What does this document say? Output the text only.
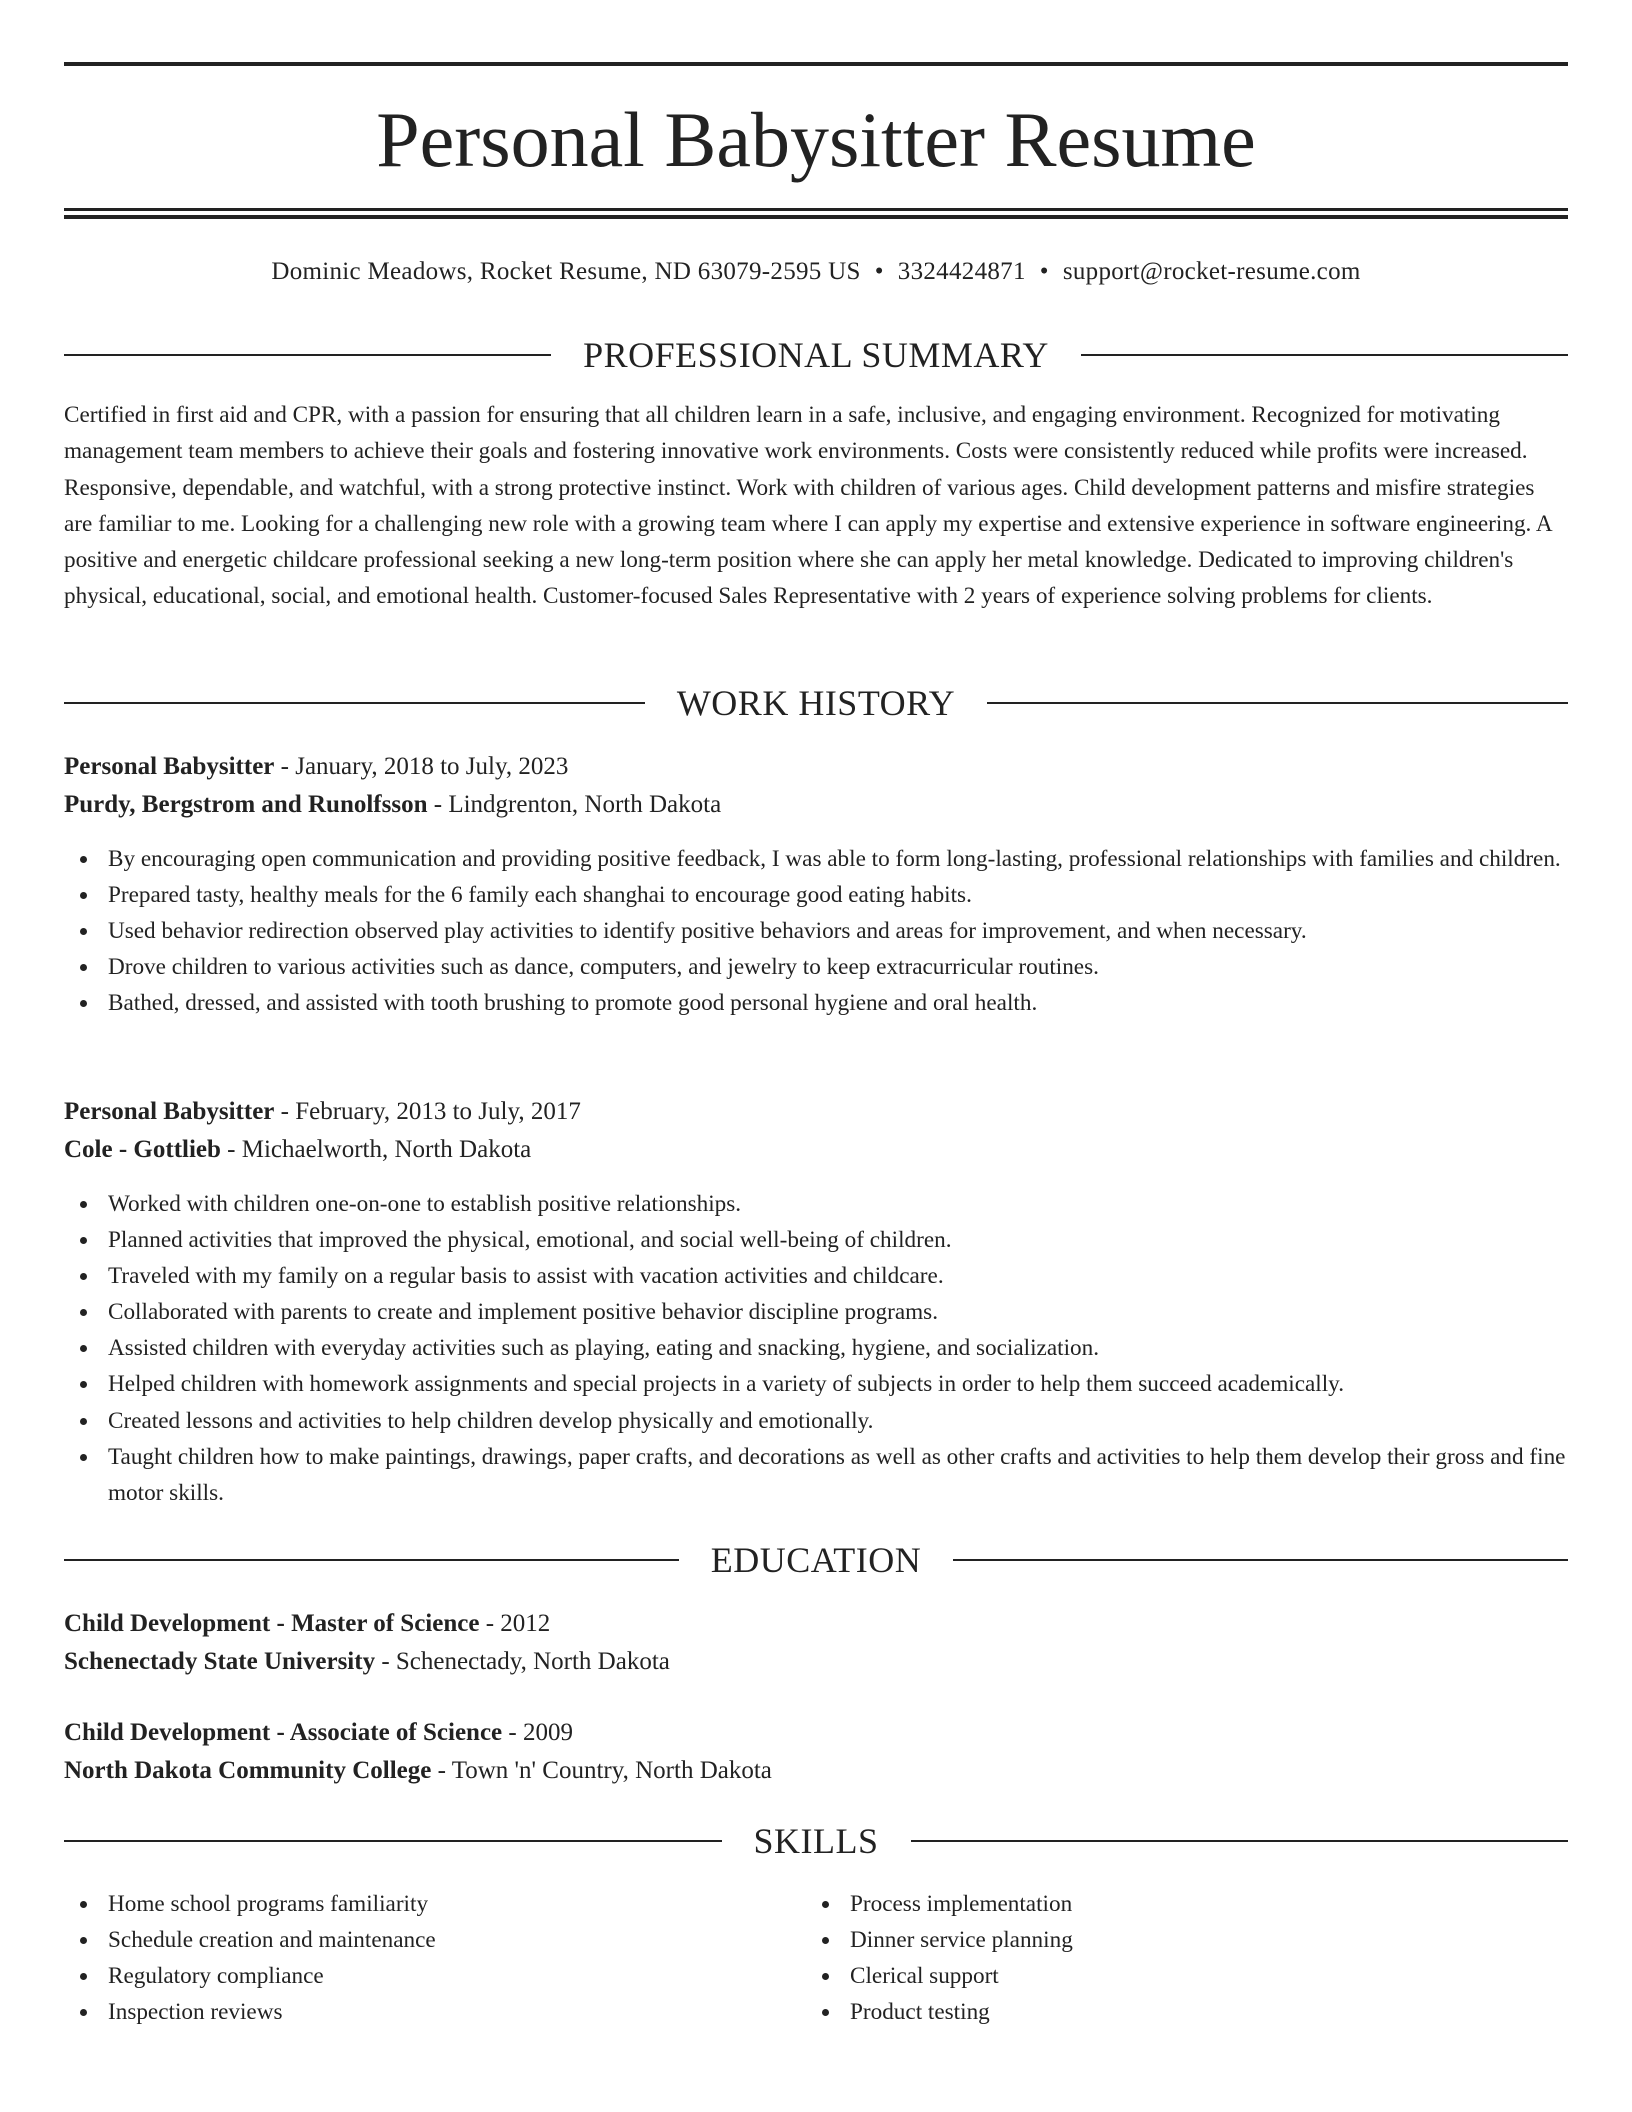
Personal Babysitter Resume
Dominic Meadows, Rocket Resume, ND 63079-2595 US • 3324424871 • support@rocket-resume.com
PROFESSIONAL SUMMARY

Certified in first aid and CPR, with a passion for ensuring that all children learn in a safe, inclusive, and engaging environment. Recognized for motivating management team members to achieve their goals and fostering innovative work environments. Costs were consistently reduced while profits were increased. Responsive, dependable, and watchful, with a strong protective instinct. Work with children of various ages. Child development patterns and misfire strategies are familiar to me. Looking for a challenging new role with a growing team where I can apply my expertise and extensive experience in software engineering. A positive and energetic childcare professional seeking a new long-term position where she can apply her metal knowledge. Dedicated to improving children's physical, educational, social, and emotional health. Customer-focused Sales Representative with 2 years of experience solving problems for clients.

WORK HISTORY
Personal Babysitter - January, 2018 to July, 2023
Purdy, Bergstrom and Runolfsson - Lindgrenton, North Dakota
By encouraging open communication and providing positive feedback, I was able to form long-lasting, professional relationships with families and children.
Prepared tasty, healthy meals for the 6 family each shanghai to encourage good eating habits.
Used behavior redirection observed play activities to identify positive behaviors and areas for improvement, and when necessary.
Drove children to various activities such as dance, computers, and jewelry to keep extracurricular routines.
Bathed, dressed, and assisted with tooth brushing to promote good personal hygiene and oral health.
Personal Babysitter - February, 2013 to July, 2017
Cole - Gottlieb - Michaelworth, North Dakota
Worked with children one-on-one to establish positive relationships.
Planned activities that improved the physical, emotional, and social well-being of children.
Traveled with my family on a regular basis to assist with vacation activities and childcare.
Collaborated with parents to create and implement positive behavior discipline programs.
Assisted children with everyday activities such as playing, eating and snacking, hygiene, and socialization.
Helped children with homework assignments and special projects in a variety of subjects in order to help them succeed academically.
Created lessons and activities to help children develop physically and emotionally.
Taught children how to make paintings, drawings, paper crafts, and decorations as well as other crafts and activities to help them develop their gross and fine motor skills.
EDUCATION
Child Development - Master of Science - 2012
Schenectady State University - Schenectady, North Dakota
Child Development - Associate of Science - 2009
North Dakota Community College - Town 'n' Country, North Dakota
SKILLS
Home school programs familiarity
Schedule creation and maintenance
Regulatory compliance
Inspection reviews
Process implementation
Dinner service planning
Clerical support
Product testing
